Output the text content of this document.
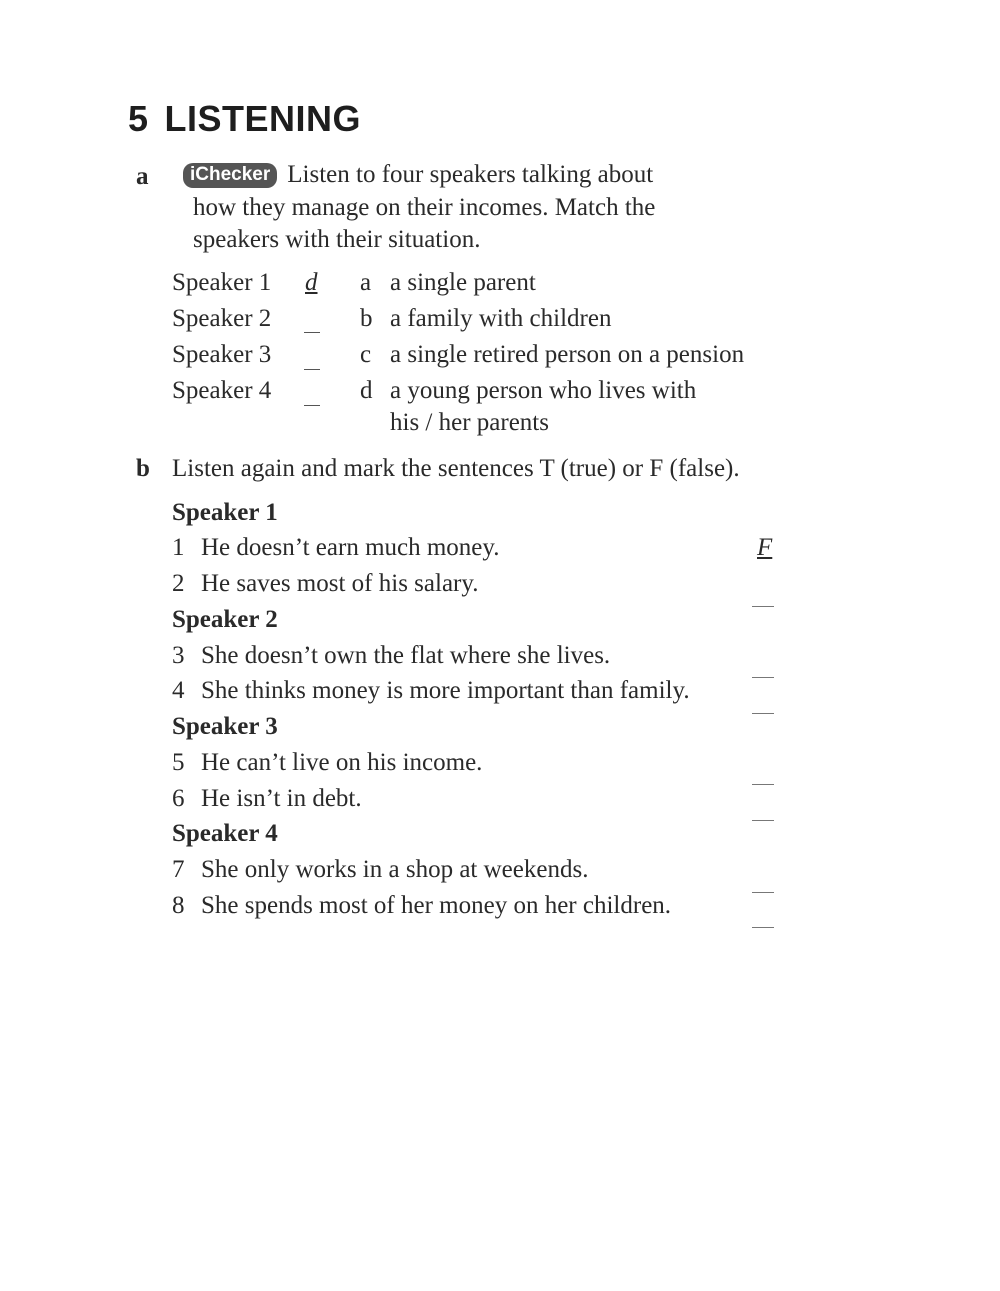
5 LISTENING
a	iChecker Listen to four speakers talking about
how they manage on their incomes. Match the
speakers with their situation.
Speaker 1 d
Speaker 2
Speaker 3
Speaker 4
a a single parent
b a family with children
c a single retired person on a pension
d a young person who lives with
his / her parents
b Listen again and mark the sentences T (true) or F (false).
Speaker 1
1 He doesn’t earn much money.	F
2 He saves most of his salary.
Speaker 2
3 She doesn’t own the flat where she lives.
4 She thinks money is more important than family.
Speaker 3
5 He can’t live on his income.
6 He isn’t in debt.
Speaker 4
7 She only works in a shop at weekends.
8 She spends most of her money on her children.
